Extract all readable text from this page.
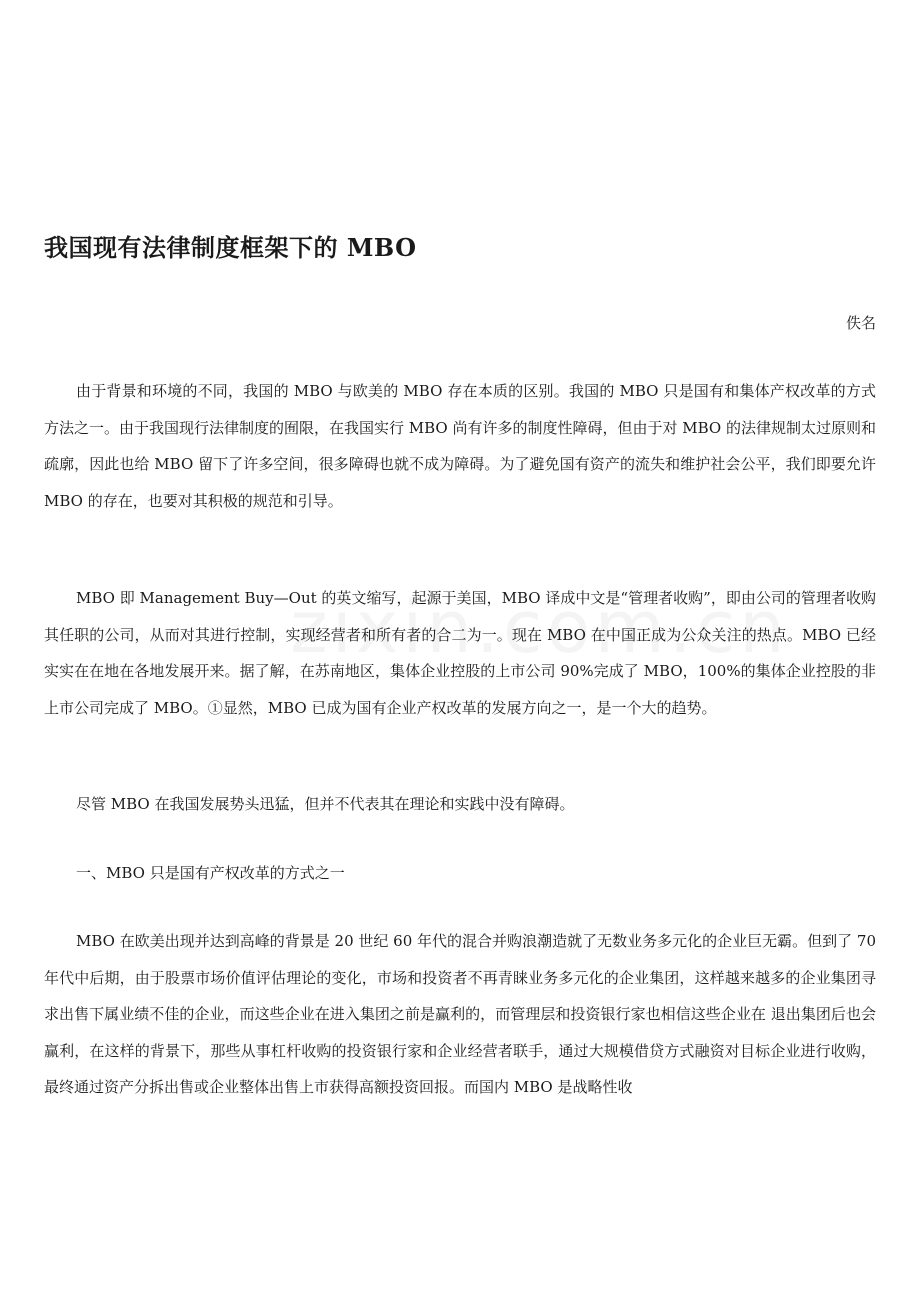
我国现有法律制度框架下的 MBO
佚名

由于背景和环境的不同，我国的 MBO 与欧美的 MBO 存在本质的区别。我国的 MBO 只是国有和集体产权改革的方式方法之一。由于我国现行法律制度的囿限，在我国实行 MBO 尚有许多的制度性障碍，但由于对 MBO 的法律规制太过原则和疏廓，因此也给 MBO 留下了许多空间，很多障碍也就不成为障碍。为了避免国有资产的流失和维护社会公平，我们即要允许 MBO 的存在，也要对其积极的规范和引导。

MBO 即 Management Buy—Out 的英文缩写，起源于美国，MBO 译成中文是“管理者收购”，即由公司的管理者收购其任职的公司，从而对其进行控制，实现经营者和所有者的合二为一。现在 MBO 在中国正成为公众关注的热点。MBO 已经实实在在地在各地发展开来。据了解，在苏南地区，集体企业控股的上市公司 90%完成了 MBO，100%的集体企业控股的非上市公司完成了 MBO。①显然，MBO 已成为国有企业产权改革的发展方向之一，是一个大的趋势。

尽管 MBO 在我国发展势头迅猛，但并不代表其在理论和实践中没有障碍。

一、MBO 只是国有产权改革的方式之一

MBO 在欧美出现并达到高峰的背景是 20 世纪 60 年代的混合并购浪潮造就了无数业务多元化的企业巨无霸。但到了 70 年代中后期，由于股票市场价值评估理论的变化，市场和投资者不再青睐业务多元化的企业集团，这样越来越多的企业集团寻求出售下属业绩不佳的企业，而这些企业在进入集团之前是赢利的，而管理层和投资银行家也相信这些企业在 退出集团后也会赢利，在这样的背景下，那些从事杠杆收购的投资银行家和企业经营者联手，通过大规模借贷方式融资对目标企业进行收购，最终通过资产分拆出售或企业整体出售上市获得高额投资回报。而国内 MBO 是战略性收
